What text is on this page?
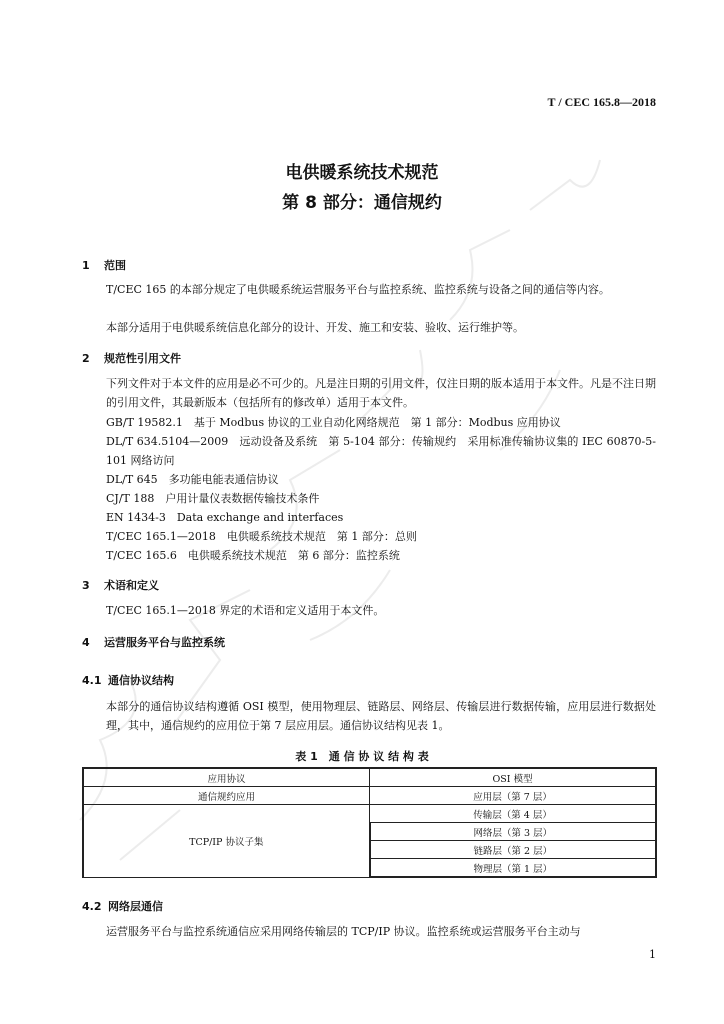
T / CEC 165.8—2018
电供暖系统技术规范
第 8 部分：通信规约
1 范围
T/CEC 165 的本部分规定了电供暖系统运营服务平台与监控系统、监控系统与设备之间的通信等内容。
本部分适用于电供暖系统信息化部分的设计、开发、施工和安装、验收、运行维护等。
2 规范性引用文件
下列文件对于本文件的应用是必不可少的。凡是注日期的引用文件，仅注日期的版本适用于本文件。凡是不注日期的引用文件，其最新版本（包括所有的修改单）适用于本文件。
GB/T 19582.1　基于 Modbus 协议的工业自动化网络规范　第 1 部分：Modbus 应用协议
DL/T 634.5104—2009　远动设备及系统　第 5-104 部分：传输规约　采用标准传输协议集的 IEC 60870-5-101 网络访问
DL/T 645　多功能电能表通信协议
CJ/T 188　户用计量仪表数据传输技术条件
EN 1434-3　Data exchange and interfaces
T/CEC 165.1—2018　电供暖系统技术规范　第 1 部分：总则
T/CEC 165.6　电供暖系统技术规范　第 6 部分：监控系统
3 术语和定义
T/CEC 165.1—2018 界定的术语和定义适用于本文件。
4 运营服务平台与监控系统
4.1 通信协议结构
本部分的通信协议结构遵循 OSI 模型，使用物理层、链路层、网络层、传输层进行数据传输，应用层进行数据处理，其中，通信规约的应用位于第 7 层应用层。通信协议结构见表 1。
表 1　通 信 协 议 结 构 表
应用协议	OSI 模型
通信规约应用	应用层（第 7 层）
TCP/IP 协议子集	传输层（第 4 层）
	网络层（第 3 层）
	链路层（第 2 层）
	物理层（第 1 层）
4.2 网络层通信
运营服务平台与监控系统通信应采用网络传输层的 TCP/IP 协议。监控系统或运营服务平台主动与
1
